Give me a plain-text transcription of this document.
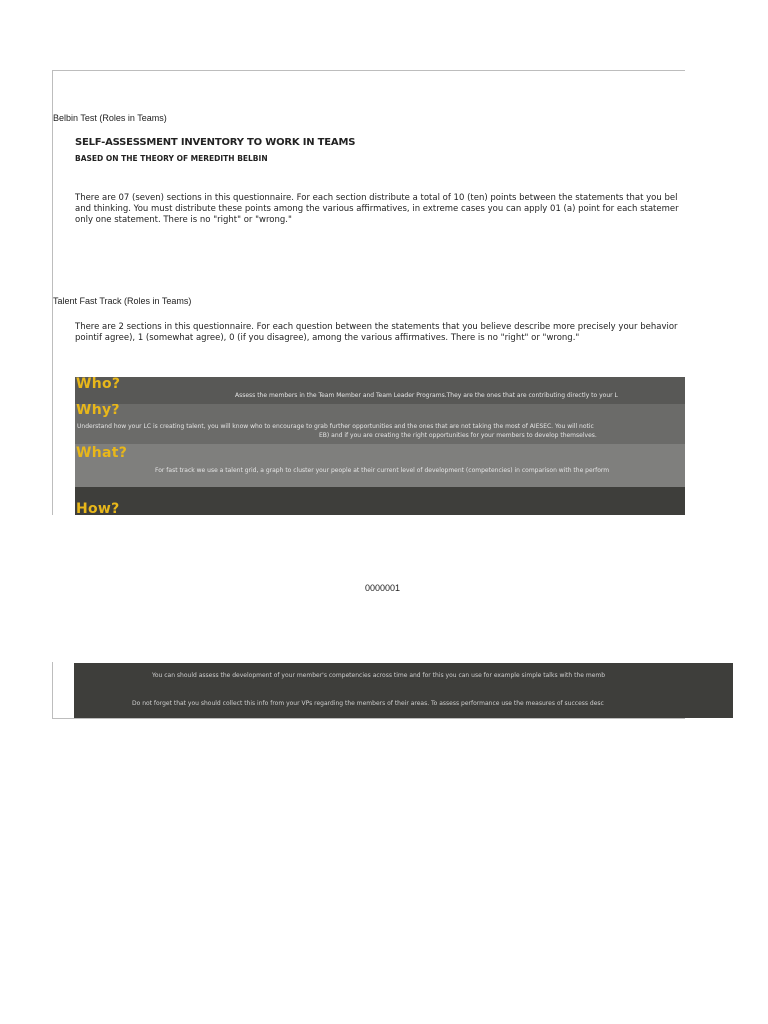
Belbin Test (Roles in Teams)
SELF-ASSESSMENT INVENTORY TO WORK IN TEAMS
BASED ON THE THEORY OF MEREDITH BELBIN
There are 07 (seven) sections in this questionnaire. For each section distribute a total of 10 (ten) points between the statements that you bel
and thinking. You must distribute these points among the various affirmatives, in extreme cases you can apply 01 (a) point for each statemer
only one statement. There is no "right" or "wrong."
Talent Fast Track (Roles in Teams)
There are 2 sections in this questionnaire. For each question between the statements that you believe describe more precisely your behavior
pointif agree), 1 (somewhat agree), 0 (if you disagree), among the various affirmatives. There is no "right" or "wrong."
Who?
Assess the members in the Team Member and Team Leader Programs.They are the ones that are contributing directly to your L
Why?
Understand how your LC is creating talent, you will know who to encourage to grab further opportunities and the ones that are not taking the most of AIESEC. You will notic
EB) and if you are creating the right opportunities for your members to develop themselves.
What?
For fast track we use a talent grid, a graph to cluster your people at their current level of development (competencies) in comparison with the perform
How?
0000001
You can should assess the development of your member's competencies across time and for this you can use for example simple talks with the memb
Do not forget that you should collect this info from your VPs regarding the members of their areas. To assess performance use the measures of success desc
